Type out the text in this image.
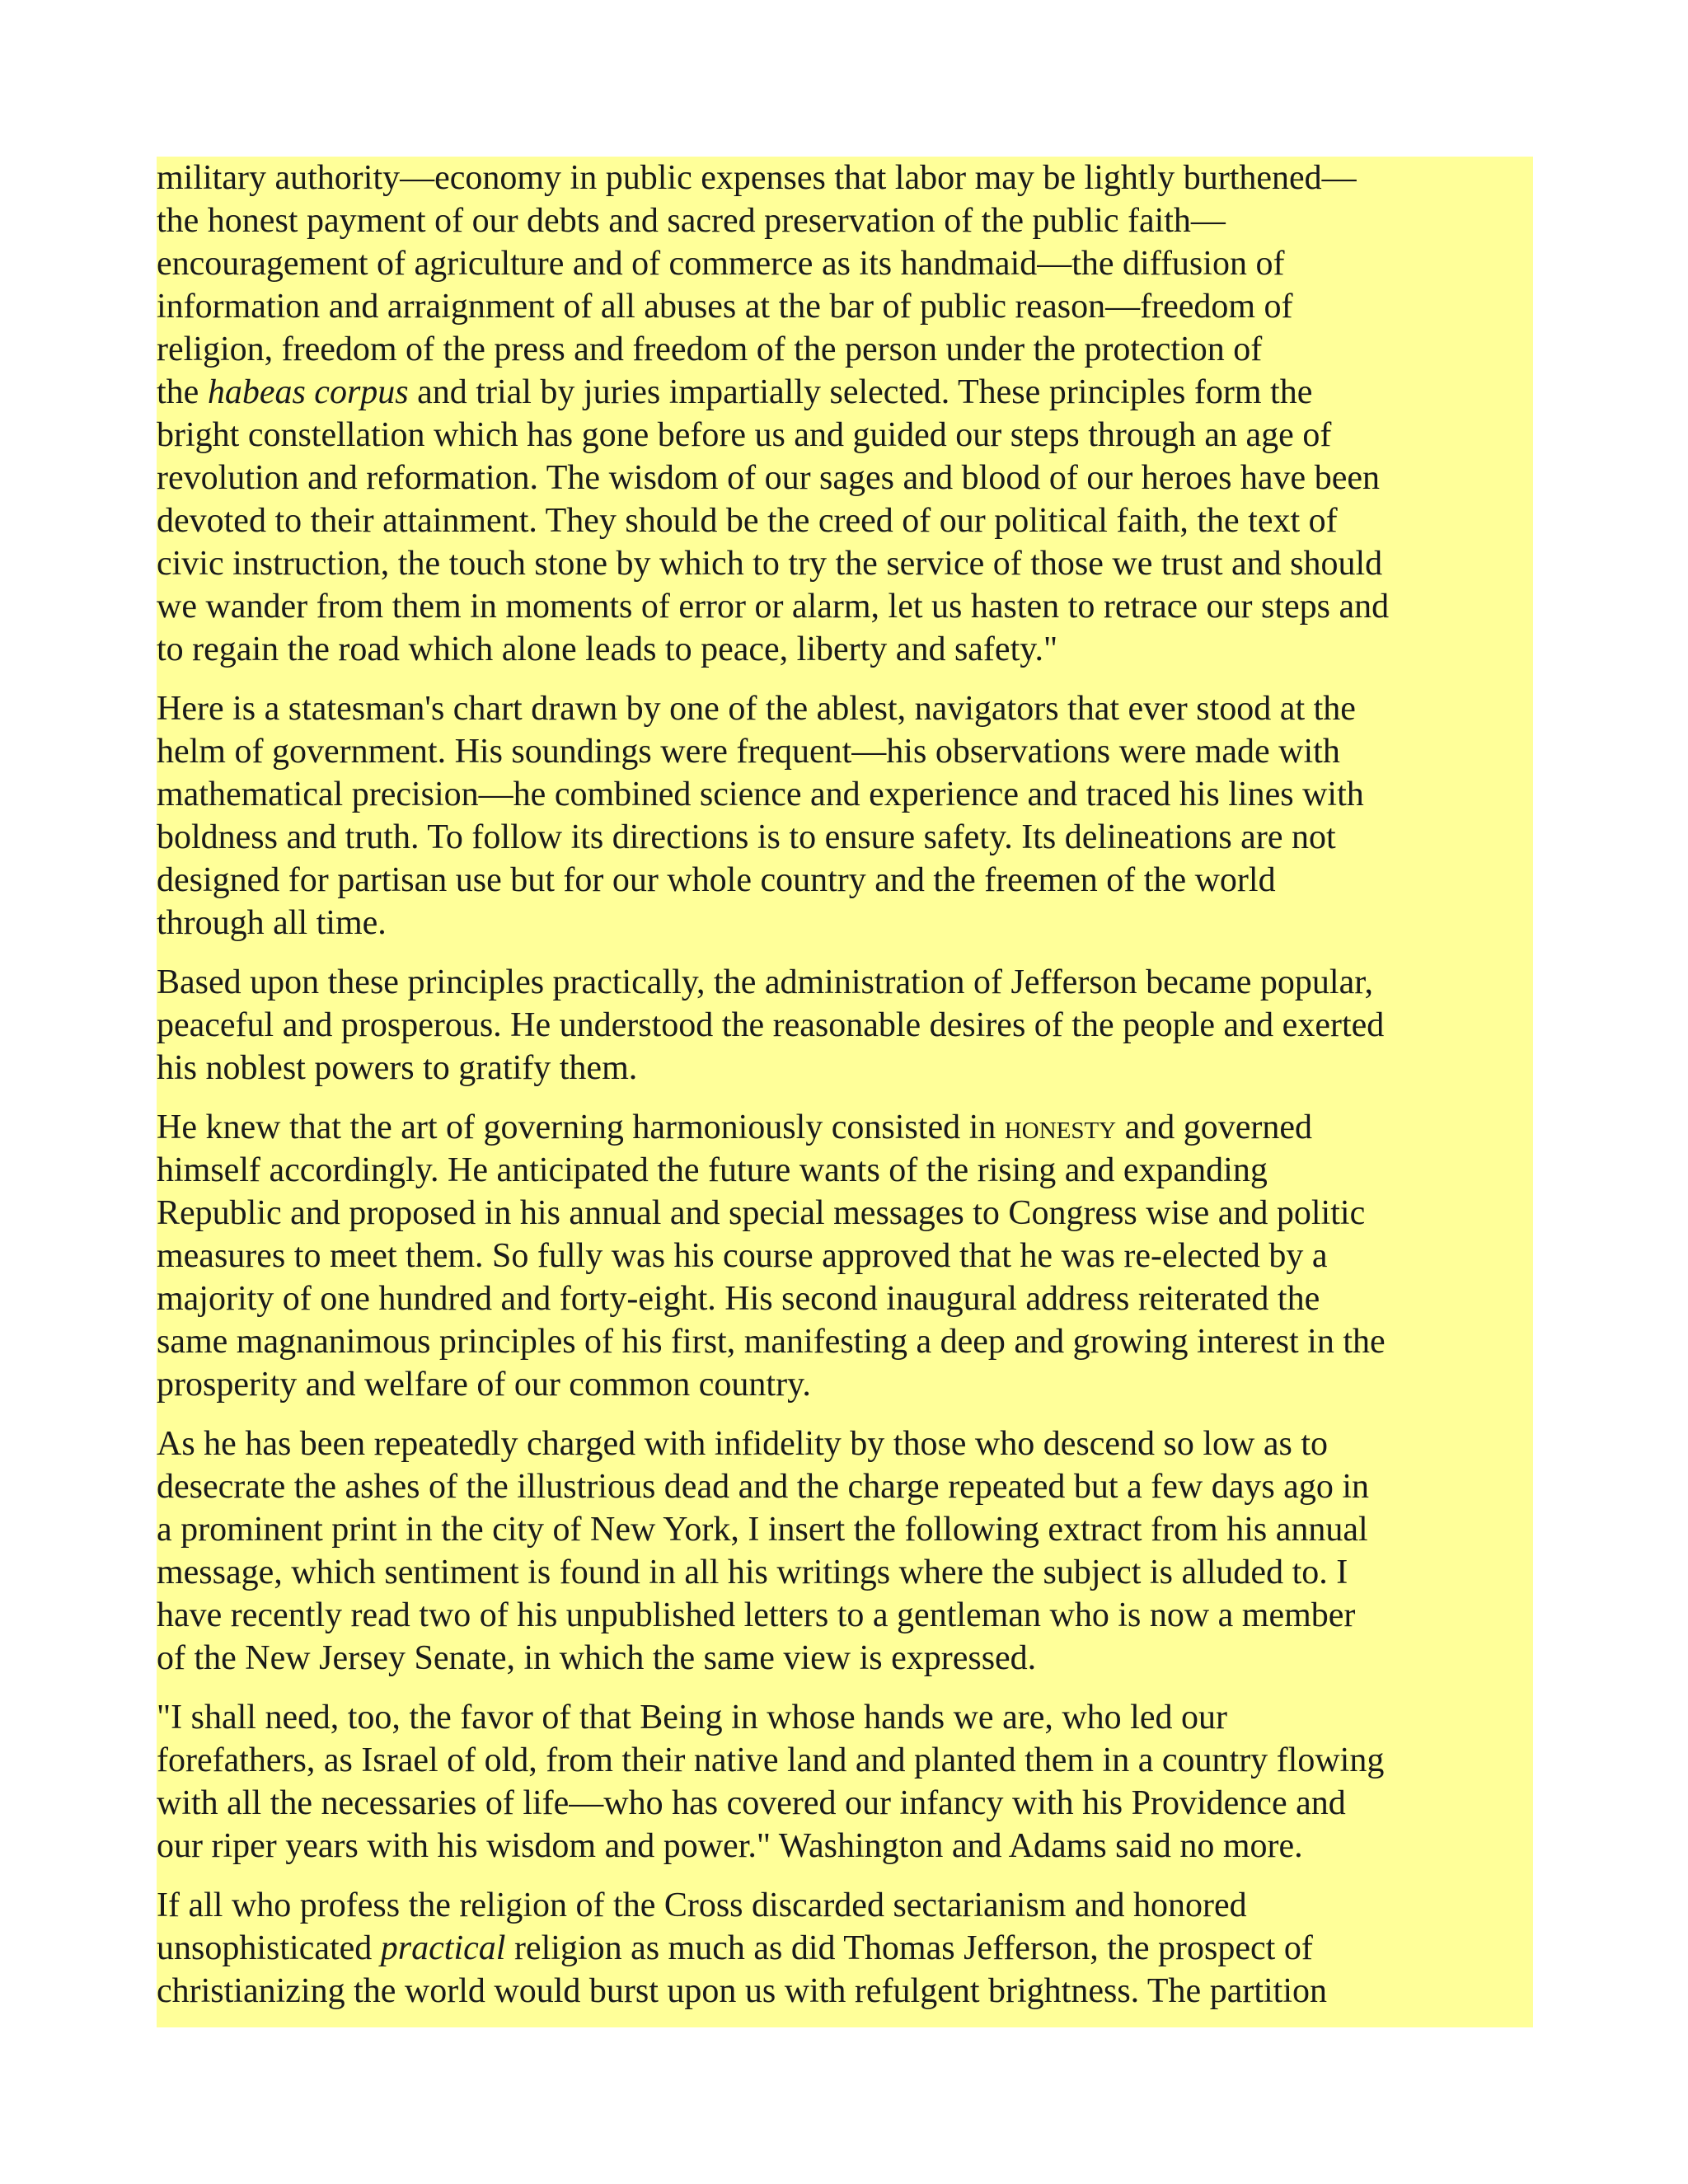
military authority—economy in public expenses that labor may be lightly burthened—
the honest payment of our debts and sacred preservation of the public faith—
encouragement of agriculture and of commerce as its handmaid—the diffusion of
information and arraignment of all abuses at the bar of public reason—freedom of
religion, freedom of the press and freedom of the person under the protection of
the habeas corpus and trial by juries impartially selected. These principles form the
bright constellation which has gone before us and guided our steps through an age of
revolution and reformation. The wisdom of our sages and blood of our heroes have been
devoted to their attainment. They should be the creed of our political faith, the text of
civic instruction, the touch stone by which to try the service of those we trust and should
we wander from them in moments of error or alarm, let us hasten to retrace our steps and
to regain the road which alone leads to peace, liberty and safety."

Here is a statesman's chart drawn by one of the ablest, navigators that ever stood at the
helm of government. His soundings were frequent—his observations were made with
mathematical precision—he combined science and experience and traced his lines with
boldness and truth. To follow its directions is to ensure safety. Its delineations are not
designed for partisan use but for our whole country and the freemen of the world
through all time.

Based upon these principles practically, the administration of Jefferson became popular,
peaceful and prosperous. He understood the reasonable desires of the people and exerted
his noblest powers to gratify them.

He knew that the art of governing harmoniously consisted in honesty and governed
himself accordingly. He anticipated the future wants of the rising and expanding
Republic and proposed in his annual and special messages to Congress wise and politic
measures to meet them. So fully was his course approved that he was re-elected by a
majority of one hundred and forty-eight. His second inaugural address reiterated the
same magnanimous principles of his first, manifesting a deep and growing interest in the
prosperity and welfare of our common country.

As he has been repeatedly charged with infidelity by those who descend so low as to
desecrate the ashes of the illustrious dead and the charge repeated but a few days ago in
a prominent print in the city of New York, I insert the following extract from his annual
message, which sentiment is found in all his writings where the subject is alluded to. I
have recently read two of his unpublished letters to a gentleman who is now a member
of the New Jersey Senate, in which the same view is expressed.

"I shall need, too, the favor of that Being in whose hands we are, who led our
forefathers, as Israel of old, from their native land and planted them in a country flowing
with all the necessaries of life—who has covered our infancy with his Providence and
our riper years with his wisdom and power." Washington and Adams said no more.

If all who profess the religion of the Cross discarded sectarianism and honored
unsophisticated practical religion as much as did Thomas Jefferson, the prospect of
christianizing the world would burst upon us with refulgent brightness. The partition
